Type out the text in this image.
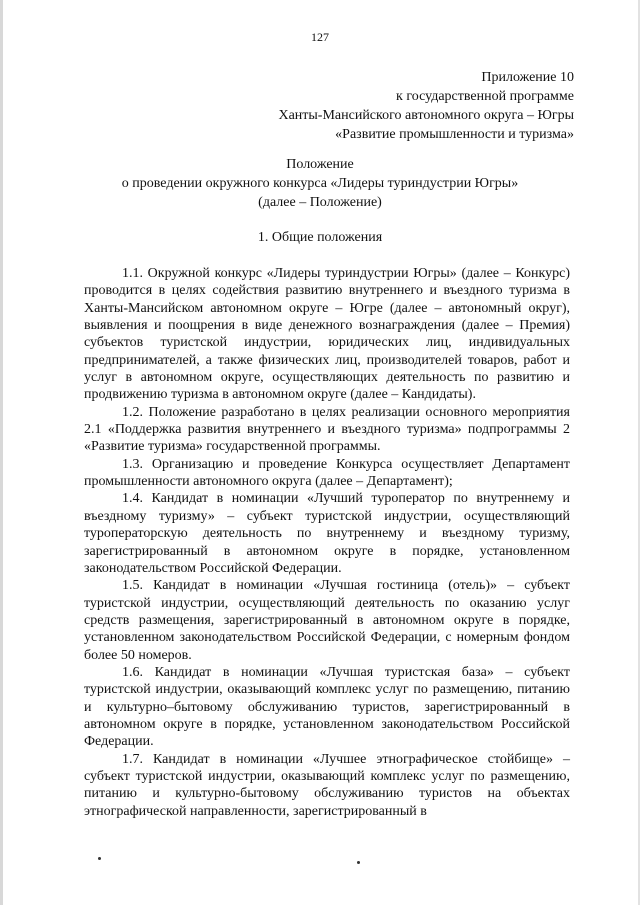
127
Приложение 10
к государственной программе
Ханты-Мансийского автономного округа – Югры
«Развитие промышленности и туризма»
Положение
о проведении окружного конкурса «Лидеры туриндустрии Югры»
(далее – Положение)
1. Общие положения

1.1. Окружной конкурс «Лидеры туриндустрии Югры» (далее – Конкурс) проводится в целях содействия развитию внутреннего и въездного туризма в Ханты-Мансийском автономном округе – Югре (далее – автономный округ), выявления и поощрения в виде денежного вознаграждения (далее – Премия) субъектов туристской индустрии, юридических лиц, индивидуальных предпринимателей, а также физических лиц, производителей товаров, работ и услуг в автономном округе, осуществляющих деятельность по развитию и продвижению туризма в автономном округе (далее – Кандидаты).

1.2. Положение разработано в целях реализации основного мероприятия 2.1 «Поддержка развития внутреннего и въездного туризма» подпрограммы 2 «Развитие туризма» государственной программы.

1.3. Организацию и проведение Конкурса осуществляет Департамент промышленности автономного округа (далее – Департамент);

1.4. Кандидат в номинации «Лучший туроператор по внутреннему и въездному туризму» – субъект туристской индустрии, осуществляющий туроператорскую деятельность по внутреннему и въездному туризму, зарегистрированный в автономном округе в порядке, установленном законодательством Российской Федерации.

1.5. Кандидат в номинации «Лучшая гостиница (отель)» – субъект туристской индустрии, осуществляющий деятельность по оказанию услуг средств размещения, зарегистрированный в автономном округе в порядке, установленном законодательством Российской Федерации, с номерным фондом более 50 номеров.

1.6. Кандидат в номинации «Лучшая туристская база» – субъект туристской индустрии, оказывающий комплекс услуг по размещению, питанию и культурно–бытовому обслуживанию туристов, зарегистрированный в автономном округе в порядке, установленном законодательством Российской Федерации.

1.7. Кандидат в номинации «Лучшее этнографическое стойбище» – субъект туристской индустрии, оказывающий комплекс услуг по размещению, питанию и культурно-бытовому обслуживанию туристов на объектах этнографической направленности, зарегистрированный в
